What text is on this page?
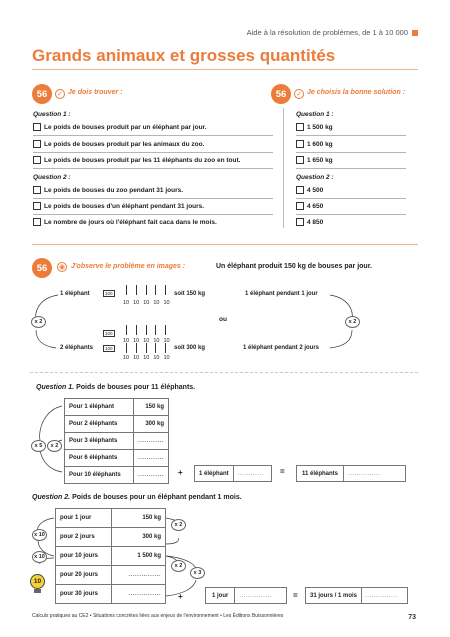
Aide à la résolution de problèmes, de 1 à 10 000
Grands animaux et grosses quantités
56	✓ Je dois trouver :	56	✓ Je choisis la bonne solution :
Question 1 :
Le poids de bouses produit par un éléphant par jour.
Le poids de bouses produit par les animaux du zoo.
Le poids de bouses produit par les 11 éléphants du zoo en tout.
Question 2 :
Le poids de bouses du zoo pendant 31 jours.
Le poids de bouses d'un éléphant pendant 31 jours.
Le nombre de jours où l'éléphant fait caca dans le mois.
Question 1 :
1 500 kg
1 600 kg
1 650 kg
Question 2 :
4 500
4 650
4 850
56	◉ J'observe le problème en images :	Un éléphant produit 150 kg de bouses par jour.
1 éléphant	100
10 10 10 10 10
soit 150 kg	1 éléphant pendant 1 jour
x 2	ou	x 2
100
10 10 10 10 10
2 éléphants	100
10 10 10 10 10
soit 300 kg	1 éléphant pendant 2 jours
Question 1. Poids de bouses pour 11 éléphants.
Pour 1 éléphant	150 kg
Pour 2 éléphants	300 kg
Pour 3 éléphants	............
Pour 6 éléphants	............
Pour 10 éléphants	............
x 5	x 2
+	1 éléphant	............	=	11 éléphants	...............
Question 2. Poids de bouses pour un éléphant pendant 1 mois.
pour 1 jour	150 kg
pour 2 jours	300 kg
pour 10 jours	1 500 kg
pour 20 jours	...............
pour 30 jours	...............
x 10
x 10
x 2
x 2
x 3
10
+	1 jour	...............	=	31 jours / 1 mois	...............
Calculs pratiques au CE2 • Situations concrètes liées aux enjeux de l'environnement • Les Éditions Buissonnières	73
